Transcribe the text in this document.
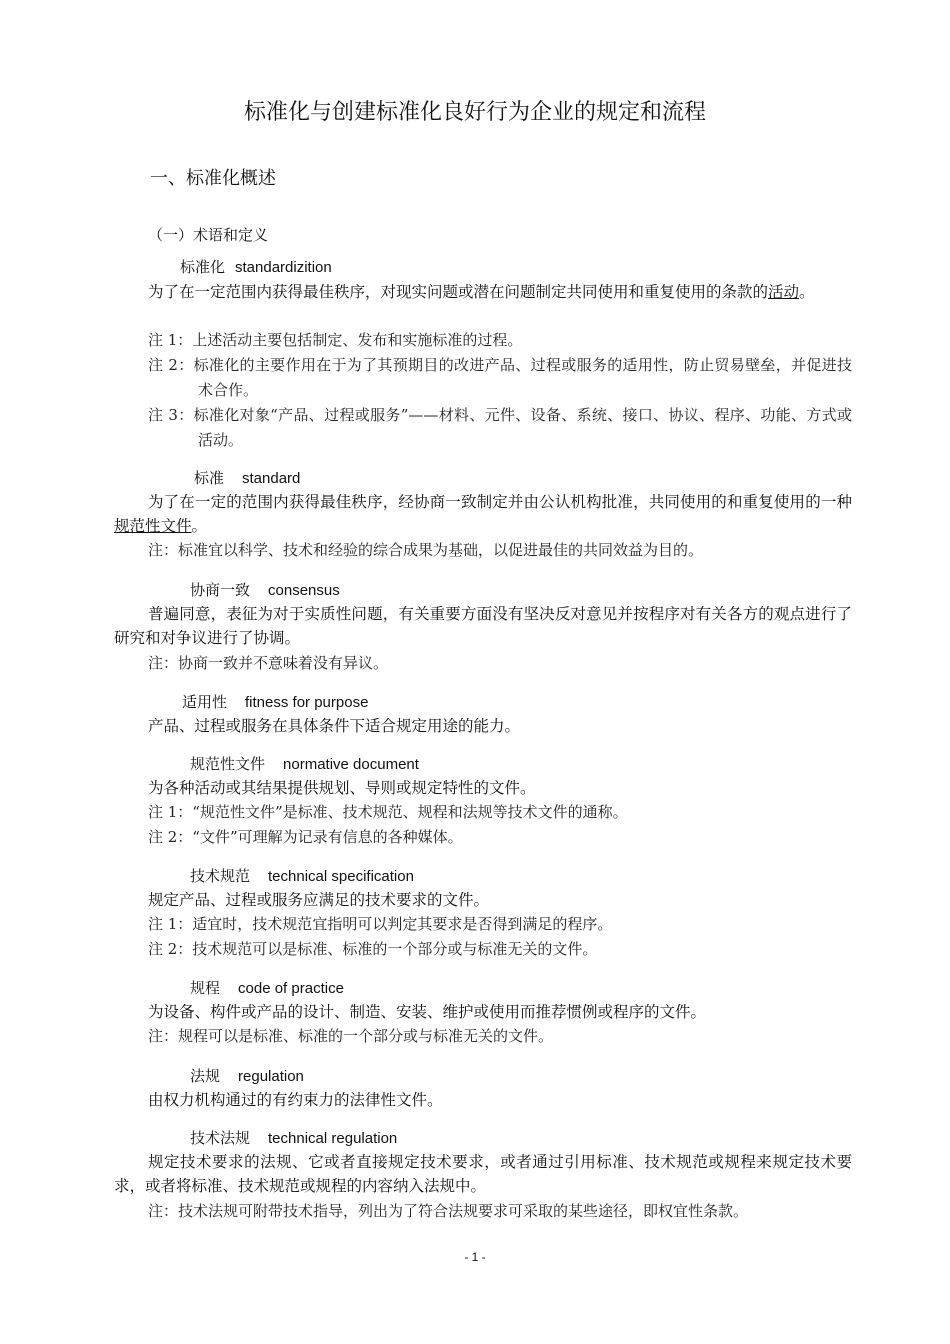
标准化与创建标准化良好行为企业的规定和流程
一、标准化概述
（一）术语和定义
标准化 standardizition
为了在一定范围内获得最佳秩序，对现实问题或潜在问题制定共同使用和重复使用的条款的活动。
注 1：上述活动主要包括制定、发布和实施标准的过程。
注 2：标准化的主要作用在于为了其预期目的改进产品、过程或服务的适用性，防止贸易壁垒，并促进技术合作。
注 3：标准化对象“产品、过程或服务”——材料、元件、设备、系统、接口、协议、程序、功能、方式或活动。
标准 standard
为了在一定的范围内获得最佳秩序，经协商一致制定并由公认机构批准，共同使用的和重复使用的一种规范性文件。
注：标准宜以科学、技术和经验的综合成果为基础，以促进最佳的共同效益为目的。
协商一致 consensus
普遍同意，表征为对于实质性问题，有关重要方面没有坚决反对意见并按程序对有关各方的观点进行了研究和对争议进行了协调。
注：协商一致并不意味着没有异议。
适用性 fitness for purpose
产品、过程或服务在具体条件下适合规定用途的能力。
规范性文件 normative document
为各种活动或其结果提供规划、导则或规定特性的文件。
注 1：“规范性文件”是标准、技术规范、规程和法规等技术文件的通称。
注 2：“文件”可理解为记录有信息的各种媒体。
技术规范 technical specification
规定产品、过程或服务应满足的技术要求的文件。
注 1：适宜时，技术规范宜指明可以判定其要求是否得到满足的程序。
注 2：技术规范可以是标准、标准的一个部分或与标准无关的文件。
规程 code of practice
为设备、构件或产品的设计、制造、安装、维护或使用而推荐惯例或程序的文件。
注：规程可以是标准、标准的一个部分或与标准无关的文件。
法规 regulation
由权力机构通过的有约束力的法律性文件。
技术法规 technical regulation
规定技术要求的法规、它或者直接规定技术要求，或者通过引用标准、技术规范或规程来规定技术要求，或者将标准、技术规范或规程的内容纳入法规中。
注：技术法规可附带技术指导，列出为了符合法规要求可采取的某些途径，即权宜性条款。
- 1 -
